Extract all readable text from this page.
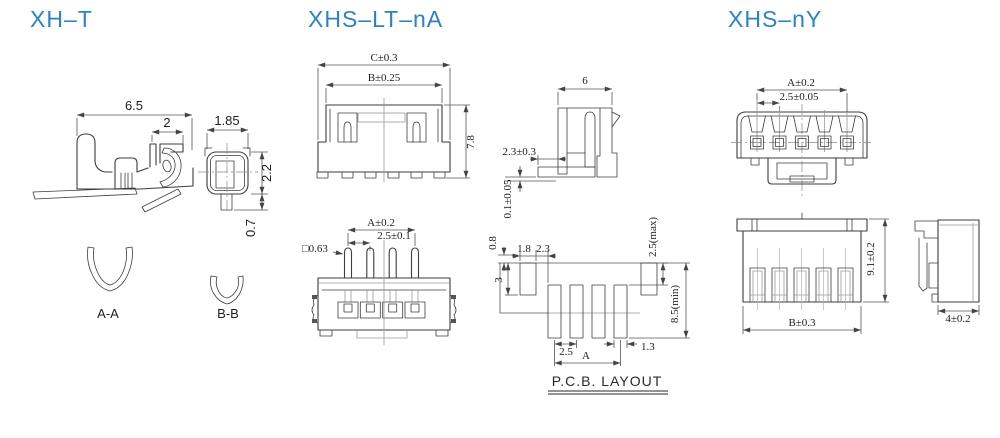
XH–T	XHS–LT–nA	XHS–nY
6.5
2	1.85
2.2
0.7
A-A	B-B
C±0.3
B±0.25
7.8
6
2.3±0.3
0.1±0.05
A±0.2
2.5±0.1
□0.63	0.8 1.8 2.3
3
2.5(max)
8.5(min)
2.5 A
1.3
P.C.B. LAYOUT
A±0.2
2.5±0.05
9.1±0.2
B±0.3	4±0.2
